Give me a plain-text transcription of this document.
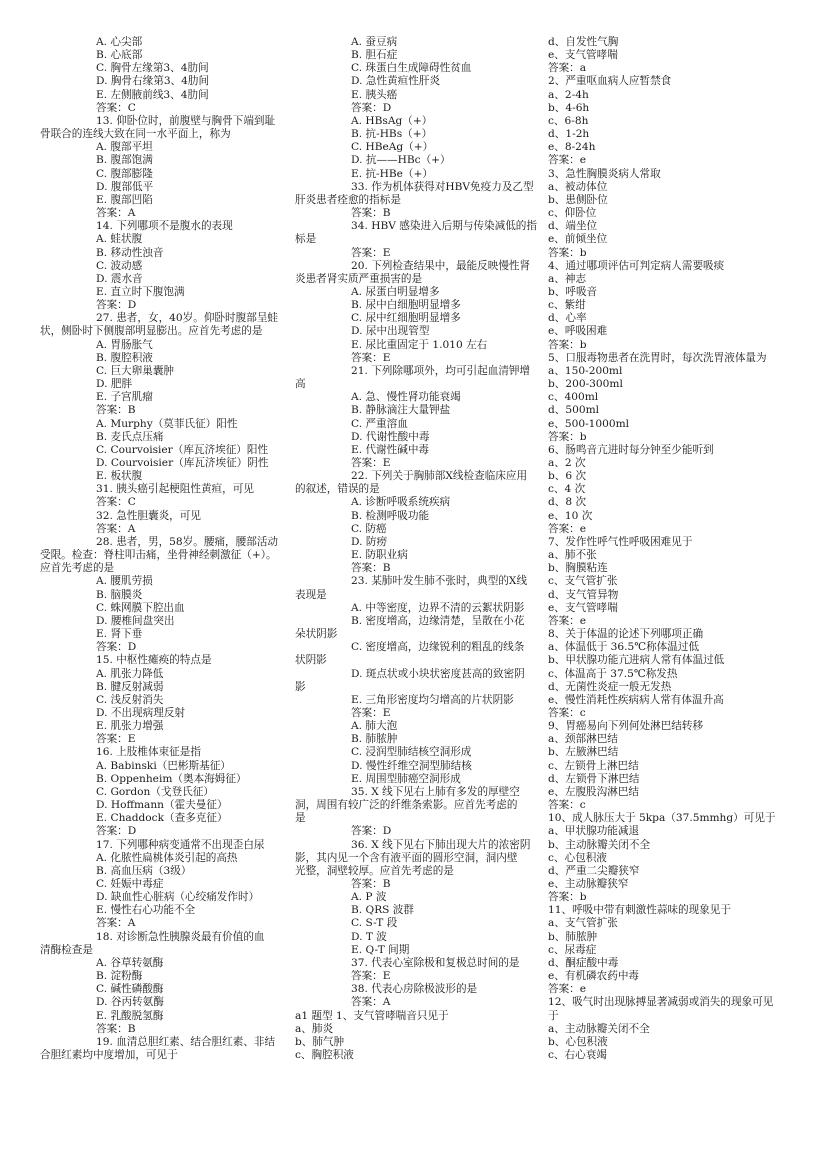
A. 心尖部
B. 心底部
C. 胸骨左缘第3、4肋间
D. 胸骨右缘第3、4肋间
E. 左侧腋前线3、4肋间
答案：C
13. 仰卧位时，前腹壁与胸骨下端到耻
骨联合的连线大致在同一水平面上，称为
A. 腹部平坦
B. 腹部饱满
C. 腹部膨隆
D. 腹部低平
E. 腹部凹陷
答案：A
14. 下列哪项不是腹水的表现
A. 蛙状腹
B. 移动性浊音
C. 波动感
D. 震水音
E. 直立时下腹饱满
答案：D
27. 患者，女，40岁。仰卧时腹部呈蛙
状，侧卧时下侧腹部明显膨出。应首先考虑的是
A. 胃肠胀气
B. 腹腔积液
C. 巨大卵巢囊肿
D. 肥胖
E. 子宫肌瘤
答案：B
A. Murphy（莫菲氏征）阳性
B. 麦氏点压痛
C. Courvoisier（库瓦济埃征）阳性
D. Courvoisier（库瓦济埃征）阴性
E. 板状腹
31. 胰头癌引起梗阻性黄疸，可见
答案：C
32. 急性胆囊炎，可见
答案：A
28. 患者，男，58岁。腰痛，腰部活动
受限。检查：脊柱叩击痛，坐骨神经刺激征（+）。
应首先考虑的是
A. 腰肌劳损
B. 脑膜炎
C. 蛛网膜下腔出血
D. 腰椎间盘突出
E. 肾下垂
答案：D
15. 中枢性瘫痪的特点是
A. 肌张力降低
B. 腱反射减弱
C. 浅反射消失
D. 不出现病理反射
E. 肌张力增强
答案：E
16. 上肢椎体束征是指
A. Babinski（巴彬斯基征）
B. Oppenheim（奥本海姆征）
C. Gordon（戈登氏征）
D. Hoffmann（霍夫曼征）
E. Chaddock（查多克征）
答案：D
17. 下列哪种病变通常不出现歪白尿
A. 化脓性扁桃体炎引起的高热
B. 高血压病（3级）
C. 妊娠中毒症
D. 缺血性心脏病（心绞痛发作时）
E. 慢性右心功能不全
答案：A
18. 对诊断急性胰腺炎最有价值的血
清酶检查是
A. 谷草转氨酶
B. 淀粉酶
C. 碱性磷酸酶
D. 谷丙转氨酶
E. 乳酸脱氢酶
答案：B
19. 血清总胆红素、结合胆红素、非结
合胆红素均中度增加，可见于
A. 蚕豆病
B. 胆石症
C. 珠蛋白生成障碍性贫血
D. 急性黄疸性肝炎
E. 胰头癌
答案：D
A. HBsAg（+）
B. 抗-HBs（+）
C. HBeAg（+）
D. 抗——HBc（+）
E. 抗-HBe（+）
33. 作为机体获得对HBV免疫力及乙型
肝炎患者痊愈的指标是
答案：B
34. HBV 感染进入后期与传染减低的指
标是
答案：E
20. 下列检查结果中，最能反映慢性肾
炎患者肾实质严重损害的是
A. 尿蛋白明显增多
B. 尿中白细胞明显增多
C. 尿中红细胞明显增多
D. 尿中出现管型
E. 尿比重固定于 1.010 左右
答案：E
21. 下列除哪项外，均可引起血清钾增
高
A. 急、慢性肾功能衰竭
B. 静脉滴注大量钾盐
C. 严重溶血
D. 代谢性酸中毒
E. 代谢性碱中毒
答案：E
22. 下列关于胸肺部X线检查临床应用
的叙述，错误的是
A. 诊断呼吸系统疾病
B. 检测呼吸功能
C. 防癌
D. 防痨
E. 防职业病
答案：B
23. 某肺叶发生肺不张时，典型的X线
表现是
A. 中等密度，边界不清的云絮状阴影
B. 密度增高，边缘清楚，呈散在小花
朵状阴影
C. 密度增高，边缘锐利的粗乱的线条
状阴影
D. 斑点状或小块状密度甚高的致密阴
影
E. 三角形密度均匀增高的片状阴影
答案：E
A. 肺大泡
B. 肺脓肿
C. 浸润型肺结核空洞形成
D. 慢性纤维空洞型肺结核
E. 周围型肺癌空洞形成
35. X 线下见右上肺有多发的厚壁空
洞，周围有较广泛的纤维条索影。应首先考虑的
是
答案：D
36. X 线下见右下肺出现大片的浓密阴
影，其内见一个含有液平面的圆形空洞，洞内壁
光整，洞壁较厚。应首先考虑的是
答案：B
A. P 波
B. QRS 波群
C. S-T 段
D. T 波
E. Q-T 间期
37. 代表心室除极和复极总时间的是
答案：E
38. 代表心房除极波形的是
答案：A
a1 题型 1、支气管哮喘音只见于
a、肺炎
b、肺气肿
c、胸腔积液
d、自发性气胸
e、支气管哮喘
答案：a
2、严重呕血病人应暂禁食
a、2-4h
b、4-6h
c、6-8h
d、1-2h
e、8-24h
答案：e
3、急性胸膜炎病人常取
a、被动体位
b、患侧卧位
c、仰卧位
d、端坐位
e、前倾坐位
答案：b
4、通过哪项评估可判定病人需要吸痰
a、神志
b、呼吸音
c、紫绀
d、心率
e、呼吸困难
答案：b
5、口服毒物患者在洗胃时，每次洗胃液体量为
a、150-200ml
b、200-300ml
c、400ml
d、500ml
e、500-1000ml
答案：b
6、肠鸣音亢进时每分钟至少能听到
a、2 次
b、6 次
c、4 次
d、8 次
e、10 次
答案：e
7、发作性呼气性呼吸困难见于
a、肺不张
b、胸膜粘连
c、支气管扩张
d、支气管异物
e、支气管哮喘
答案：e
8、关于体温的论述下列哪项正确
a、体温低于 36.5℃称体温过低
b、甲状腺功能亢进病人常有体温过低
c、体温高于 37.5℃称发热
d、无菌性炎症一般无发热
e、慢性消耗性疾病病人常有体温升高
答案：c
9、胃癌易向下列何处淋巴结转移
a、颈部淋巴结
b、左腋淋巴结
c、左锁骨上淋巴结
d、左锁骨下淋巴结
e、左腹股沟淋巴结
答案：c
10、成人脉压大于 5kpa（37.5mmhg）可见于
a、甲状腺功能减退
b、主动脉瓣关闭不全
c、心包积液
d、严重二尖瓣狭窄
e、主动脉瓣狭窄
答案：b
11、呼吸中带有刺激性蒜味的现象见于
a、支气管扩张
b、肺脓肿
c、尿毒症
d、酮症酸中毒
e、有机磷农药中毒
答案：e
12、吸气时出现脉搏显著减弱或消失的现象可见
于
a、主动脉瓣关闭不全
b、心包积液
c、右心衰竭
